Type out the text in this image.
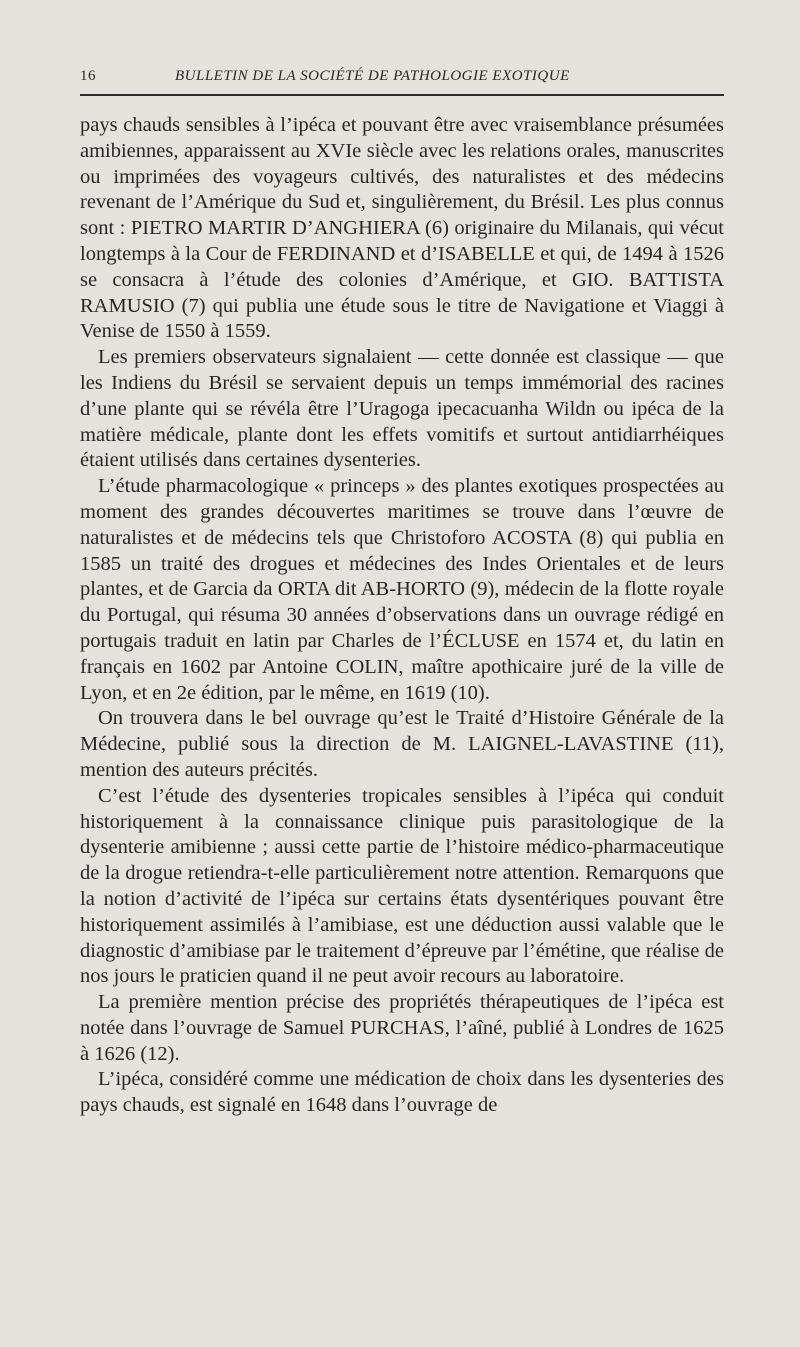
16	BULLETIN DE LA SOCIÉTÉ DE PATHOLOGIE EXOTIQUE

pays chauds sensibles à l’ipéca et pouvant être avec vraisemblance présumées amibiennes, apparaissent au XVIe siècle avec les relations orales, manuscrites ou imprimées des voyageurs cultivés, des naturalistes et des médecins revenant de l’Amérique du Sud et, singulièrement, du Brésil. Les plus connus sont : PIETRO MARTIR D’ANGHIERA (6) originaire du Milanais, qui vécut longtemps à la Cour de FERDINAND et d’ISABELLE et qui, de 1494 à 1526 se consacra à l’étude des colonies d’Amérique, et GIO. BATTISTA RAMUSIO (7) qui publia une étude sous le titre de Navigatione et Viaggi à Venise de 1550 à 1559.

Les premiers observateurs signalaient — cette donnée est classique — que les Indiens du Brésil se servaient depuis un temps immémorial des racines d’une plante qui se révéla être l’Uragoga ipecacuanha Wildn ou ipéca de la matière médicale, plante dont les effets vomitifs et surtout antidiarrhéiques étaient utilisés dans certaines dysenteries.

L’étude pharmacologique « princeps » des plantes exotiques prospectées au moment des grandes découvertes maritimes se trouve dans l’œuvre de naturalistes et de médecins tels que Christoforo ACOSTA (8) qui publia en 1585 un traité des drogues et médecines des Indes Orientales et de leurs plantes, et de Garcia da ORTA dit AB-HORTO (9), médecin de la flotte royale du Portugal, qui résuma 30 années d’observations dans un ouvrage rédigé en portugais traduit en latin par Charles de l’ÉCLUSE en 1574 et, du latin en français en 1602 par Antoine COLIN, maître apothicaire juré de la ville de Lyon, et en 2e édition, par le même, en 1619 (10).

On trouvera dans le bel ouvrage qu’est le Traité d’Histoire Générale de la Médecine, publié sous la direction de M. LAIGNEL-LAVASTINE (11), mention des auteurs précités.

C’est l’étude des dysenteries tropicales sensibles à l’ipéca qui conduit historiquement à la connaissance clinique puis parasitologique de la dysenterie amibienne ; aussi cette partie de l’histoire médico-pharmaceutique de la drogue retiendra-t-elle particulièrement notre attention. Remarquons que la notion d’activité de l’ipéca sur certains états dysentériques pouvant être historiquement assimilés à l’amibiase, est une déduction aussi valable que le diagnostic d’amibiase par le traitement d’épreuve par l’émétine, que réalise de nos jours le praticien quand il ne peut avoir recours au laboratoire.

La première mention précise des propriétés thérapeutiques de l’ipéca est notée dans l’ouvrage de Samuel PURCHAS, l’aîné, publié à Londres de 1625 à 1626 (12).

L’ipéca, considéré comme une médication de choix dans les dysenteries des pays chauds, est signalé en 1648 dans l’ouvrage de
